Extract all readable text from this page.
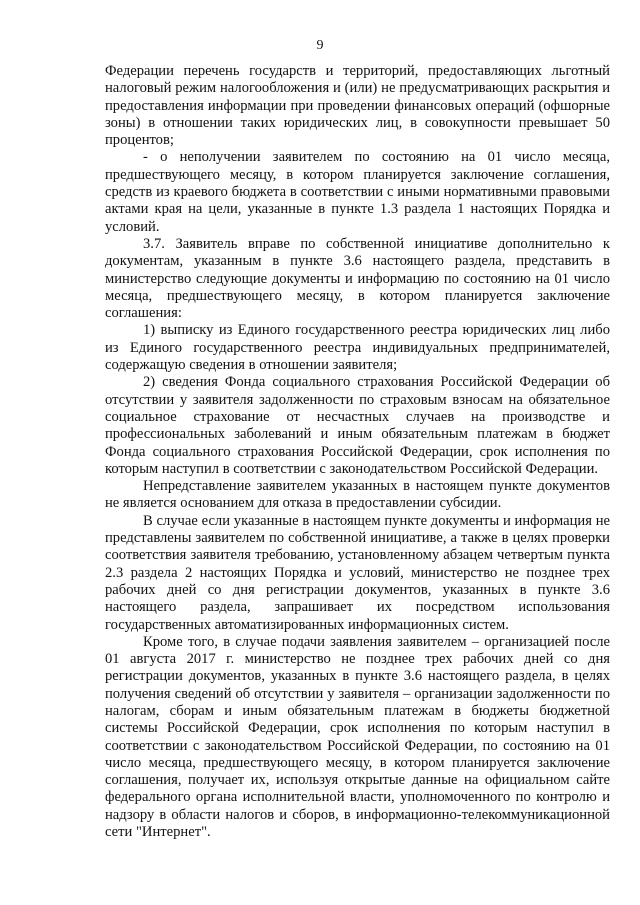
9

Федерации перечень государств и территорий, предоставляющих льготный налоговый режим налогообложения и (или) не предусматривающих раскрытия и предоставления информации при проведении финансовых операций (офшорные зоны) в отношении таких юридических лиц, в совокупности превышает 50 процентов;

- о неполучении заявителем по состоянию на 01 число месяца, предшествующего месяцу, в котором планируется заключение соглашения, средств из краевого бюджета в соответствии с иными нормативными правовыми актами края на цели, указанные в пункте 1.3 раздела 1 настоящих Порядка и условий.

3.7. Заявитель вправе по собственной инициативе дополнительно к документам, указанным в пункте 3.6 настоящего раздела, представить в министерство следующие документы и информацию по состоянию на 01 число месяца, предшествующего месяцу, в котором планируется заключение соглашения:

1) выписку из Единого государственного реестра юридических лиц либо из Единого государственного реестра индивидуальных предпринимателей, содержащую сведения в отношении заявителя;

2) сведения Фонда социального страхования Российской Федерации об отсутствии у заявителя задолженности по страховым взносам на обязательное социальное страхование от несчастных случаев на производстве и профессиональных заболеваний и иным обязательным платежам в бюджет Фонда социального страхования Российской Федерации, срок исполнения по которым наступил в соответствии с законодательством Российской Федерации.

Непредставление заявителем указанных в настоящем пункте документов не является основанием для отказа в предоставлении субсидии.

В случае если указанные в настоящем пункте документы и информация не представлены заявителем по собственной инициативе, а также в целях проверки соответствия заявителя требованию, установленному абзацем четвертым пункта 2.3 раздела 2 настоящих Порядка и условий, министерство не позднее трех рабочих дней со дня регистрации документов, указанных в пункте 3.6 настоящего раздела, запрашивает их посредством использования государственных автоматизированных информационных систем.

Кроме того, в случае подачи заявления заявителем – организацией после 01 августа 2017 г. министерство не позднее трех рабочих дней со дня регистрации документов, указанных в пункте 3.6 настоящего раздела, в целях получения сведений об отсутствии у заявителя – организации задолженности по налогам, сборам и иным обязательным платежам в бюджеты бюджетной системы Российской Федерации, срок исполнения по которым наступил в соответствии с законодательством Российской Федерации, по состоянию на 01 число месяца, предшествующего месяцу, в котором планируется заключение соглашения, получает их, используя открытые данные на официальном сайте федерального органа исполнительной власти, уполномоченного по контролю и надзору в области налогов и сборов, в информационно-телекоммуникационной сети "Интернет".
